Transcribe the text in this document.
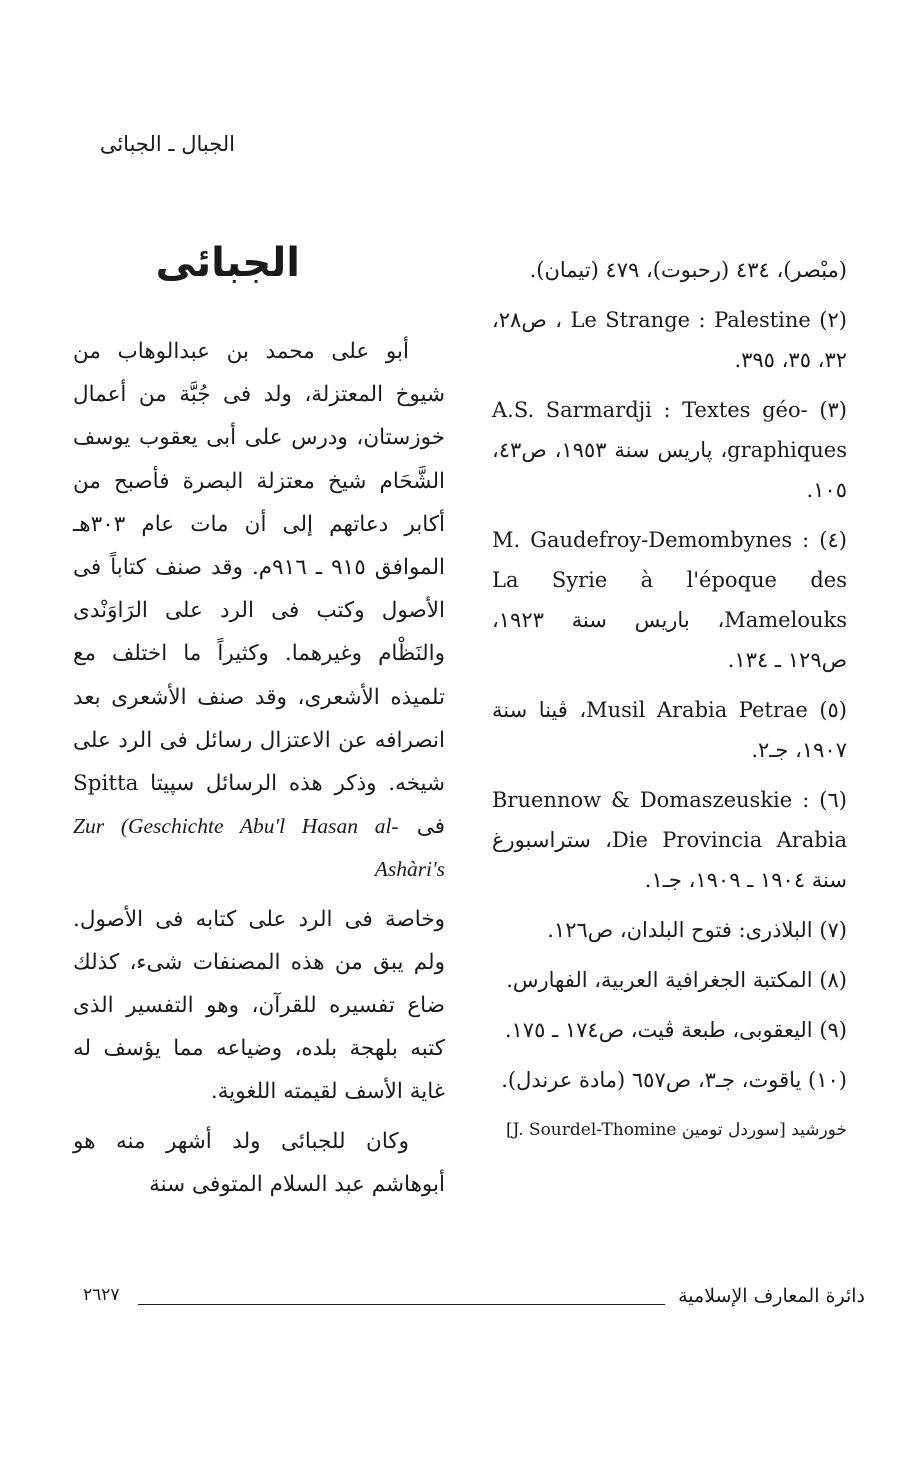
الجبال ـ الجبائى

(مبْصر)، ٤٣٤ (رحبوت)، ٤٧٩ (تيمان).

(٢) Le Strange : Palestine ، ص٢٨، ٣٢، ٣٥، ٣٩٥.

(٣) A.S. Sarmardji : Textes géo-graphiques، پاريس سنة ١٩٥٣، ص٤٣، ١٠٥.

(٤) M. Gaudefroy-Demombynes : La Syrie à l'époque des Mamelouks، باريس سنة ١٩٢٣، ص١٢٩ ـ ١٣٤.

(٥) Musil Arabia Petrae، ڤينا سنة ١٩٠٧، جـ٢.

(٦) Bruennow & Domaszeuskie : Die Provincia Arabia، ستراسبورغ سنة ١٩٠٤ ـ ١٩٠٩، جـ١.

(٧) البلاذرى: فتوح البلدان، ص١٢٦.

(٨) المكتبة الجغرافية العربية، الفهارس.

(٩) اليعقوبى، طبعة ڤيت، ص١٧٤ ـ ١٧٥.

(١٠) ياقوت، جـ٣، ص٦٥٧ (مادة عرندل).

خورشيد [سوردل تومين J. Sourdel-Thomine]
الجبائى

أبو على محمد بن عبدالوهاب من شيوخ المعتزلة، ولد فى جُبَّة من أعمال خوزستان، ودرس على أبى يعقوب يوسف الشَّحَام شيخ معتزلة البصرة فأصبح من أكابر دعاتهم إلى أن مات عام ٣٠٣هـ الموافق ٩١٥ ـ ٩١٦م. وقد صنف كتاباً فى الأصول وكتب فى الرد على الرَاوَنْدى والنَظْام وغيرهما. وكثيراً ما اختلف مع تلميذه الأشعرى، وقد صنف الأشعرى بعد انصرافه عن الاعتزال رسائل فى الرد على شيخه. وذكر هذه الرسائل سپيتا Spitta فى Zur (Geschichte Abu'l Hasan al-Ashàri's

وخاصة فى الرد على كتابه فى الأصول. ولم يبق من هذه المصنفات شىء، كذلك ضاع تفسيره للقرآن، وهو التفسير الذى كتبه بلهجة بلده، وضياعه مما يؤسف له غاية الأسف لقيمته اللغوية.

وكان للجبائى ولد أشهر منه هو أبوهاشم عبد السلام المتوفى سنة

دائرة المعارف الإسلامية
٢٦٢٧
